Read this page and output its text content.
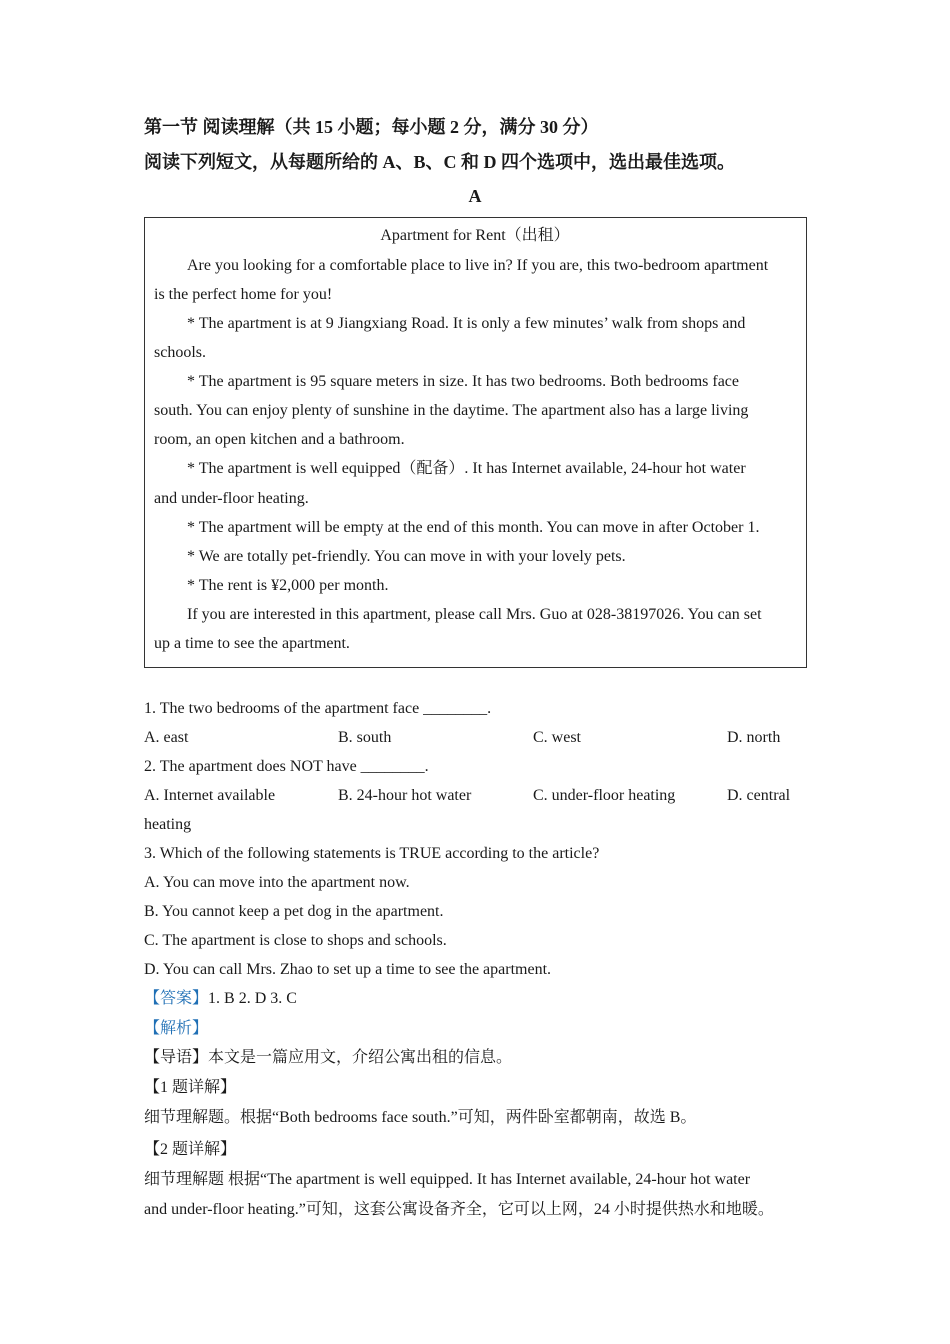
第一节 阅读理解（共 15 小题；每小题 2 分，满分 30 分）
阅读下列短文，从每题所给的 A、B、C 和 D 四个选项中，选出最佳选项。
A
Apartment for Rent（出租）
Are you looking for a comfortable place to live in? If you are, this two-bedroom apartment
is the perfect home for you!
* The apartment is at 9 Jiangxiang Road. It is only a few minutes’ walk from shops and
schools.
* The apartment is 95 square meters in size. It has two bedrooms. Both bedrooms face
south. You can enjoy plenty of sunshine in the daytime. The apartment also has a large living
room, an open kitchen and a bathroom.
* The apartment is well equipped（配备）. It has Internet available, 24-hour hot water
and under-floor heating.
* The apartment will be empty at the end of this month. You can move in after October 1.
* We are totally pet-friendly. You can move in with your lovely pets.
* The rent is ¥2,000 per month.
If you are interested in this apartment, please call Mrs. Guo at 028-38197026. You can set
up a time to see the apartment.
1. The two bedrooms of the apartment face ________.
A. east	B. south	C. west	D. north
2. The apartment does NOT have ________.
A. Internet available	B. 24-hour hot water	C. under-floor heating	D. central
heating
3. Which of the following statements is TRUE according to the article?
A. You can move into the apartment now.
B. You cannot keep a pet dog in the apartment.
C. The apartment is close to shops and schools.
D. You can call Mrs. Zhao to set up a time to see the apartment.
【答案】1. B 2. D 3. C
【解析】
【导语】本文是一篇应用文，介绍公寓出租的信息。
【1 题详解】
细节理解题。根据“Both bedrooms face south.”可知，两件卧室都朝南，故选 B。
【2 题详解】
细节理解题 根据“The apartment is well equipped. It has Internet available, 24-hour hot water
and under-floor heating.”可知，这套公寓设备齐全，它可以上网，24 小时提供热水和地暖。
